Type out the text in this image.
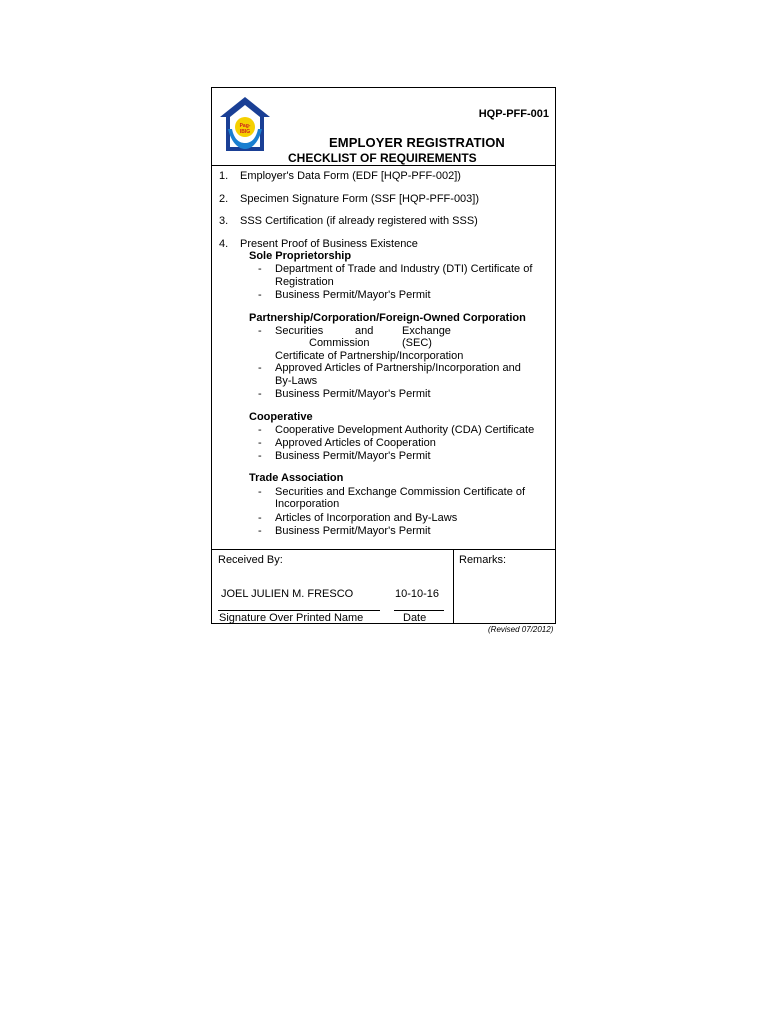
Pag-
IBIG
HQP-PFF-001
EMPLOYER REGISTRATION
CHECKLIST OF REQUIREMENTS
1. Employer's Data Form (EDF [HQP-PFF-002])
2. Specimen Signature Form (SSF [HQP-PFF-003])
3. SSS Certification (if already registered with SSS)
4. Present Proof of Business Existence
Sole Proprietorship
- Department of Trade and Industry (DTI) Certificate of
Registration
- Business Permit/Mayor's Permit
Partnership/Corporation/Foreign-Owned Corporation
- Securities	and	Exchange
Commission	(SEC)
Certificate of Partnership/Incorporation
- Approved Articles of Partnership/Incorporation and
By-Laws
- Business Permit/Mayor's Permit
Cooperative
- Cooperative Development Authority (CDA) Certificate
- Approved Articles of Cooperation
- Business Permit/Mayor's Permit
Trade Association
- Securities and Exchange Commission Certificate of
Incorporation
- Articles of Incorporation and By-Laws
- Business Permit/Mayor's Permit
Received By:
JOEL JULIEN M. FRESCO	10-10-16
Signature Over Printed Name	Date
Remarks:
(Revised 07/2012)
